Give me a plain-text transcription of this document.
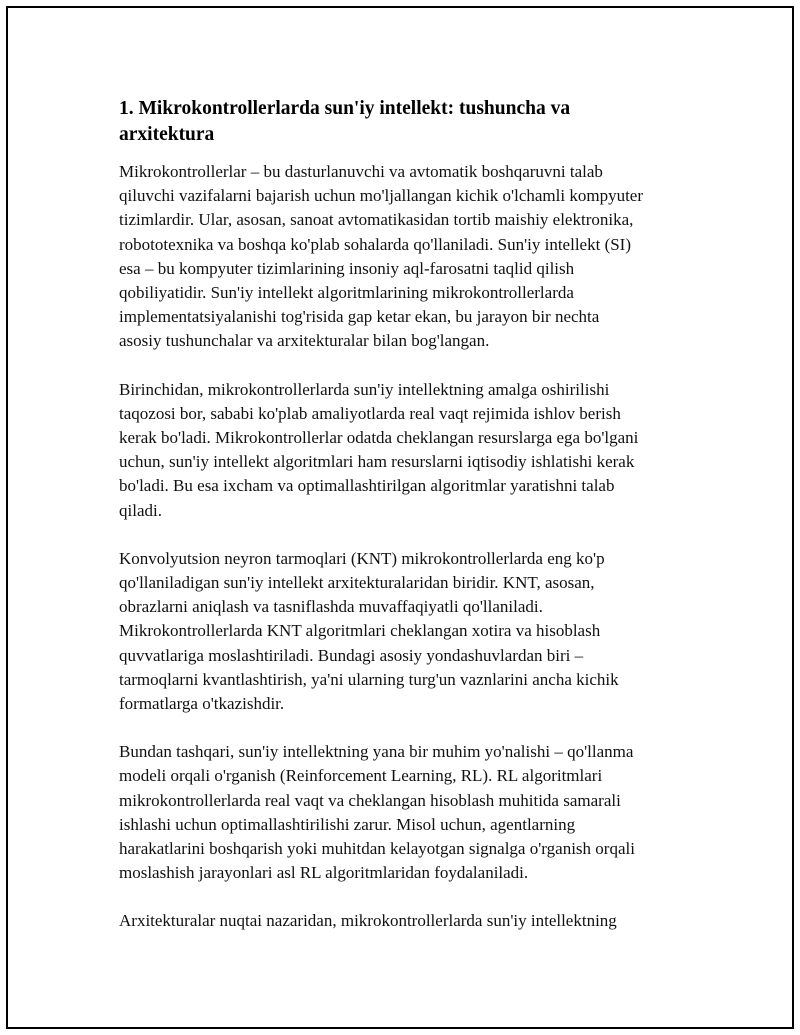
1. Mikrokontrollerlarda sun'iy intellekt: tushuncha va
arxitektura

Mikrokontrollerlar – bu dasturlanuvchi va avtomatik boshqaruvni talab
qiluvchi vazifalarni bajarish uchun mo'ljallangan kichik o'lchamli kompyuter
tizimlardir. Ular, asosan, sanoat avtomatikasidan tortib maishiy elektronika,
robototexnika va boshqa ko'plab sohalarda qo'llaniladi. Sun'iy intellekt (SI)
esa – bu kompyuter tizimlarining insoniy aql-farosatni taqlid qilish
qobiliyatidir. Sun'iy intellekt algoritmlarining mikrokontrollerlarda
implementatsiyalanishi tog'risida gap ketar ekan, bu jarayon bir nechta
asosiy tushunchalar va arxitekturalar bilan bog'langan.

Birinchidan, mikrokontrollerlarda sun'iy intellektning amalga oshirilishi
taqozosi bor, sababi ko'plab amaliyotlarda real vaqt rejimida ishlov berish
kerak bo'ladi. Mikrokontrollerlar odatda cheklangan resurslarga ega bo'lgani
uchun, sun'iy intellekt algoritmlari ham resurslarni iqtisodiy ishlatishi kerak
bo'ladi. Bu esa ixcham va optimallashtirilgan algoritmlar yaratishni talab
qiladi.

Konvolyutsion neyron tarmoqlari (KNT) mikrokontrollerlarda eng ko'p
qo'llaniladigan sun'iy intellekt arxitekturalaridan biridir. KNT, asosan,
obrazlarni aniqlash va tasniflashda muvaffaqiyatli qo'llaniladi.
Mikrokontrollerlarda KNT algoritmlari cheklangan xotira va hisoblash
quvvatlariga moslashtiriladi. Bundagi asosiy yondashuvlardan biri –
tarmoqlarni kvantlashtirish, ya'ni ularning turg'un vaznlarini ancha kichik
formatlarga o'tkazishdir.

Bundan tashqari, sun'iy intellektning yana bir muhim yo'nalishi – qo'llanma
modeli orqali o'rganish (Reinforcement Learning, RL). RL algoritmlari
mikrokontrollerlarda real vaqt va cheklangan hisoblash muhitida samarali
ishlashi uchun optimallashtirilishi zarur. Misol uchun, agentlarning
harakatlarini boshqarish yoki muhitdan kelayotgan signalga o'rganish orqali
moslashish jarayonlari asl RL algoritmlaridan foydalaniladi.

Arxitekturalar nuqtai nazaridan, mikrokontrollerlarda sun'iy intellektning
